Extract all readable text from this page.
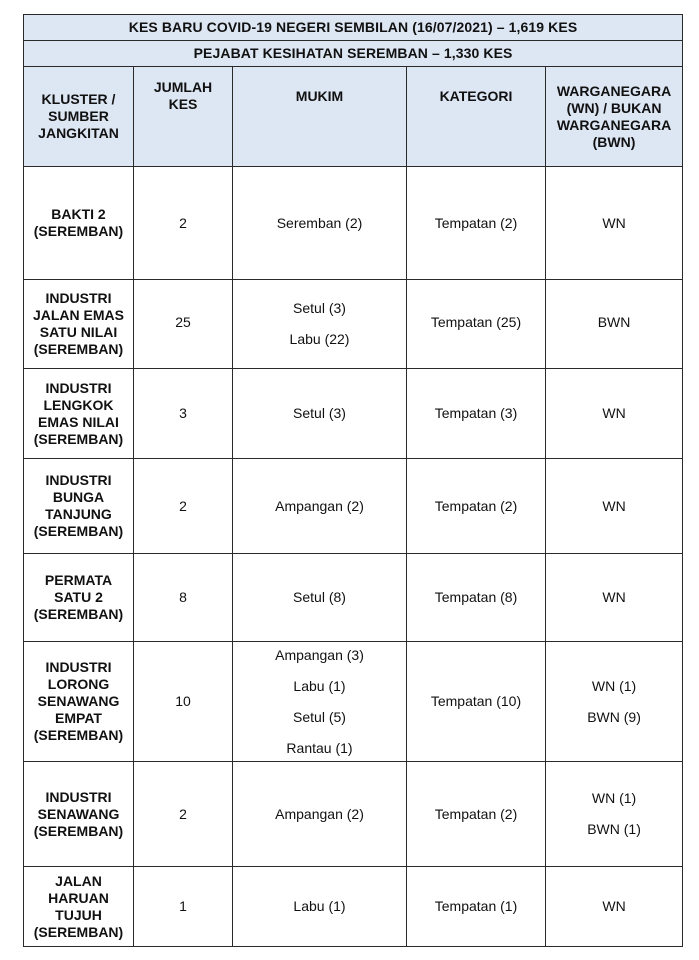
KES BARU COVID-19 NEGERI SEMBILAN (16/07/2021) – 1,619 KES				
PEJABAT KESIHATAN SEREMBAN – 1,330 KES				

KLUSTER /
SUMBER
JANGKITAN	JUMLAH
KES	MUKIM	KATEGORI	WARGANEGARA
(WN) / BUKAN
WARGANEGARA
(BWN)

BAKTI 2
(SEREMBAN)	2	Seremban (2)	Tempatan (2)	WN

INDUSTRI
JALAN EMAS
SATU NILAI
(SEREMBAN)	25	Setul (3)
Labu (22)	Tempatan (25)	BWN

INDUSTRI
LENGKOK
EMAS NILAI
(SEREMBAN)	3	Setul (3)	Tempatan (3)	WN

INDUSTRI
BUNGA
TANJUNG
(SEREMBAN)	2	Ampangan (2)	Tempatan (2)	WN

PERMATA
SATU 2
(SEREMBAN)	8	Setul (8)	Tempatan (8)	WN

INDUSTRI
LORONG
SENAWANG
EMPAT
(SEREMBAN)	10	Ampangan (3)
Labu (1)
Setul (5)
Rantau (1)	Tempatan (10)	WN (1)
BWN (9)

INDUSTRI
SENAWANG
(SEREMBAN)	2	Ampangan (2)	Tempatan (2)	WN (1)
BWN (1)

JALAN
HARUAN
TUJUH
(SEREMBAN)	1	Labu (1)	Tempatan (1)	WN
